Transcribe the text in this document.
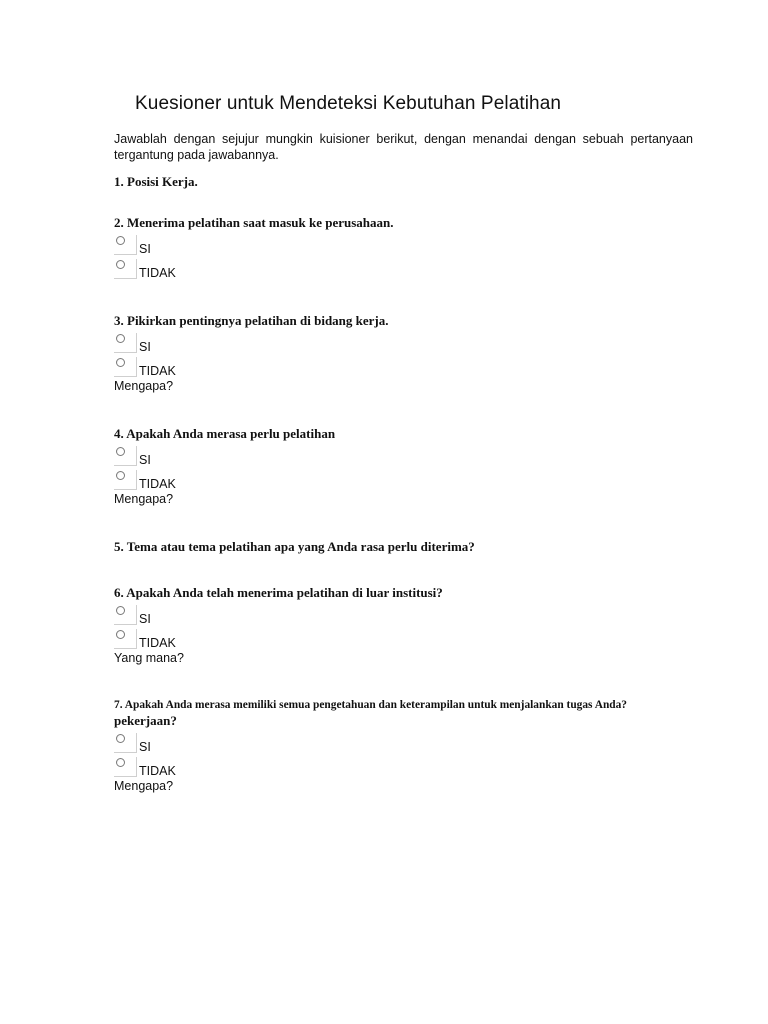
Kuesioner untuk Mendeteksi Kebutuhan Pelatihan
Jawablah dengan sejujur mungkin kuisioner berikut, dengan menandai dengan sebuah pertanyaan tergantung pada jawabannya.
1. Posisi Kerja.
2. Menerima pelatihan saat masuk ke perusahaan.
SI
TIDAK
3. Pikirkan pentingnya pelatihan di bidang kerja.
SI
TIDAK
Mengapa?
4. Apakah Anda merasa perlu pelatihan
SI
TIDAK
Mengapa?
5. Tema atau tema pelatihan apa yang Anda rasa perlu diterima?
6. Apakah Anda telah menerima pelatihan di luar institusi?
SI
TIDAK
Yang mana?
7. Apakah Anda merasa memiliki semua pengetahuan dan keterampilan untuk menjalankan tugas Anda?
pekerjaan?
SI
TIDAK
Mengapa?
